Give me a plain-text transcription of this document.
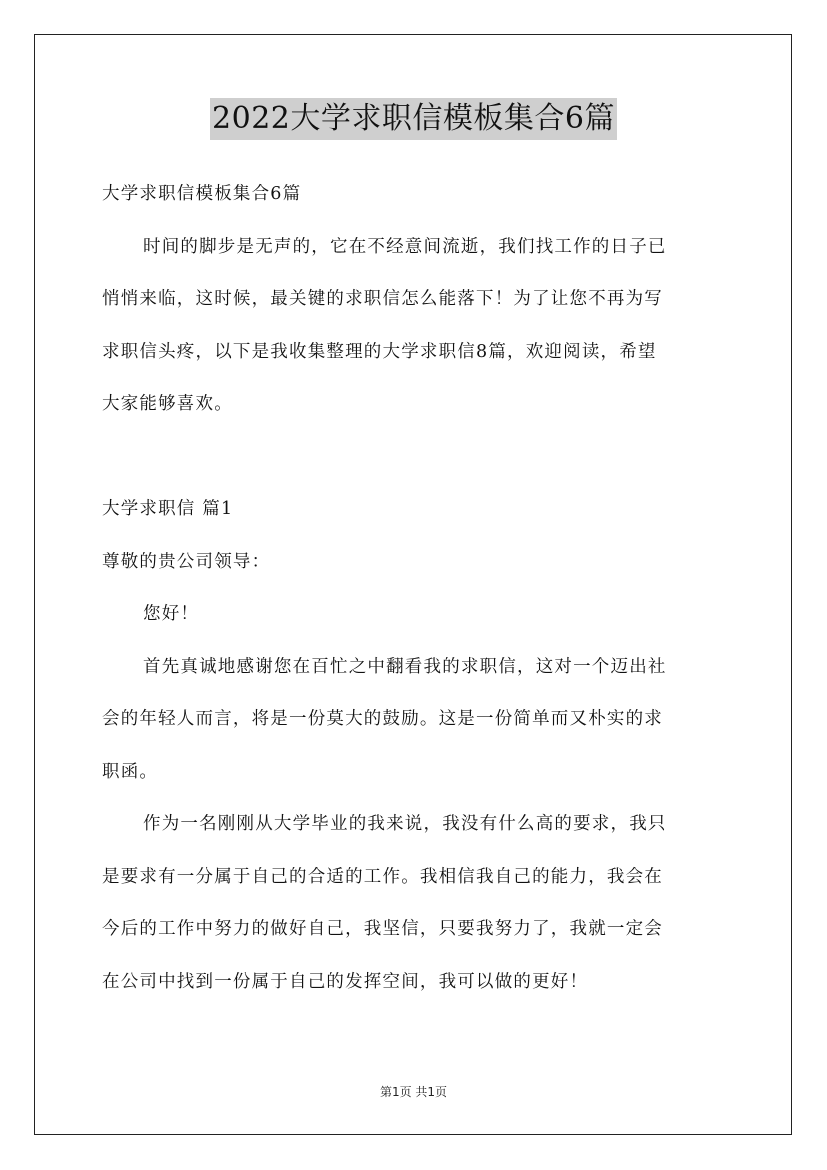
2022大学求职信模板集合6篇
大学求职信模板集合6篇
时间的脚步是无声的，它在不经意间流逝，我们找工作的日子已
悄悄来临，这时候，最关键的求职信怎么能落下！为了让您不再为写
求职信头疼，以下是我收集整理的大学求职信8篇，欢迎阅读，希望
大家能够喜欢。
大学求职信 篇1
尊敬的贵公司领导：
您好！
首先真诚地感谢您在百忙之中翻看我的求职信，这对一个迈出社
会的年轻人而言，将是一份莫大的鼓励。这是一份简单而又朴实的求
职函。
作为一名刚刚从大学毕业的我来说，我没有什么高的要求，我只
是要求有一分属于自己的合适的工作。我相信我自己的能力，我会在
今后的工作中努力的做好自己，我坚信，只要我努力了，我就一定会
在公司中找到一份属于自己的发挥空间，我可以做的更好！
第1页 共1页
